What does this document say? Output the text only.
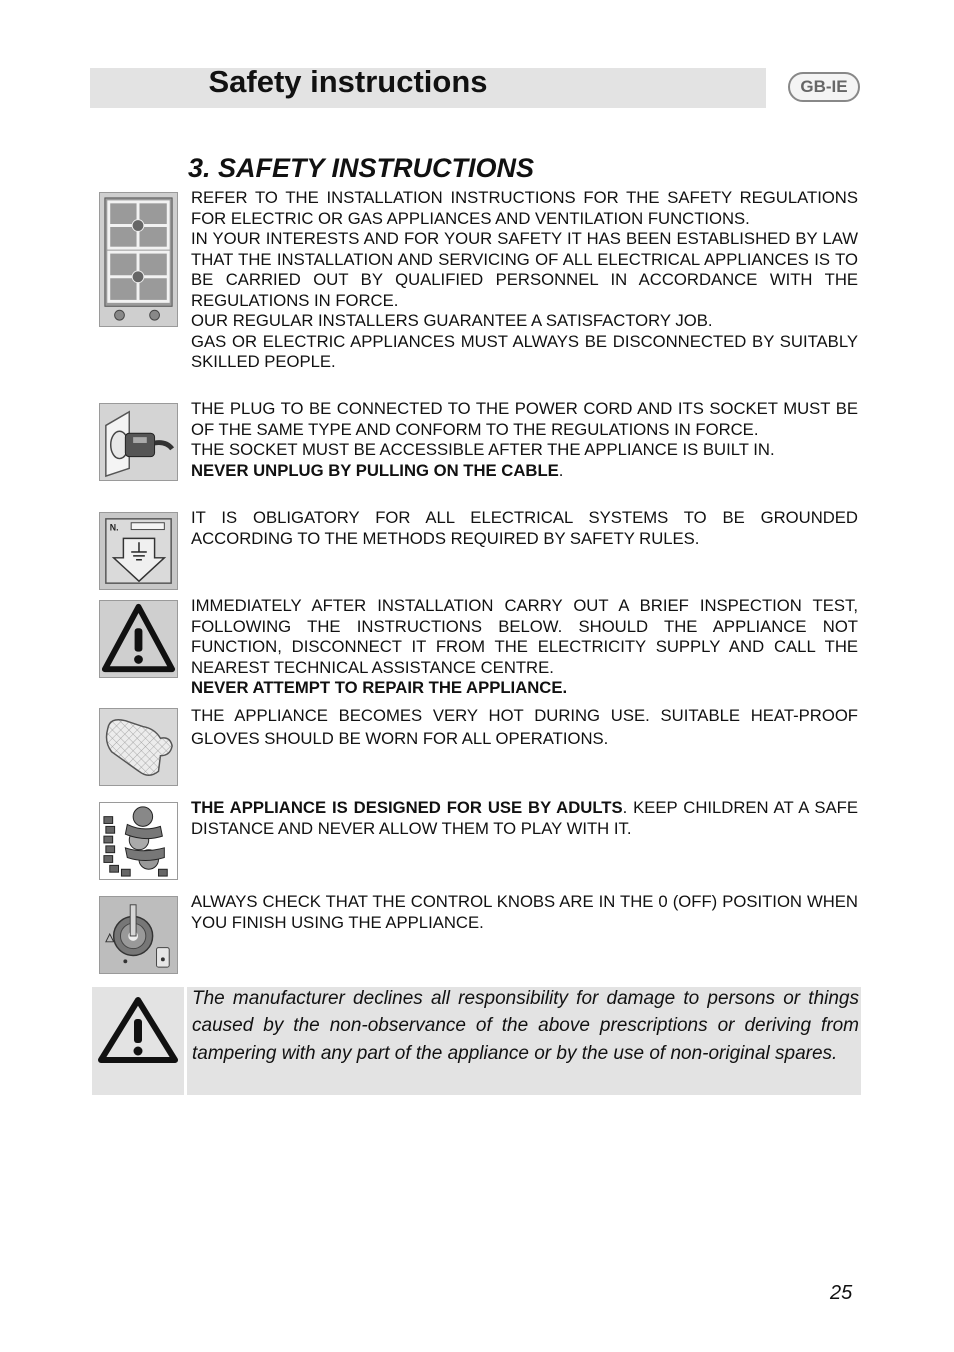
Safety instructions	GB-IE
3. SAFETY INSTRUCTIONS

REFER TO THE INSTALLATION INSTRUCTIONS FOR THE SAFETY REGULATIONS FOR ELECTRIC OR GAS APPLIANCES AND VENTILATION FUNCTIONS.

IN YOUR INTERESTS AND FOR YOUR SAFETY IT HAS BEEN ESTABLISHED BY LAW THAT THE INSTALLATION AND SERVICING OF ALL ELECTRICAL APPLIANCES IS TO BE CARRIED OUT BY QUALIFIED PERSONNEL IN ACCORDANCE WITH THE REGULATIONS IN FORCE.

OUR REGULAR INSTALLERS GUARANTEE A SATISFACTORY JOB.

GAS OR ELECTRIC APPLIANCES MUST ALWAYS BE DISCONNECTED BY SUITABLY SKILLED PEOPLE.

THE PLUG TO BE CONNECTED TO THE POWER CORD AND ITS SOCKET MUST BE OF THE SAME TYPE AND CONFORM TO THE REGULATIONS IN FORCE.

THE SOCKET MUST BE ACCESSIBLE AFTER THE APPLIANCE IS BUILT IN.

NEVER UNPLUG BY PULLING ON THE CABLE.

N.

IT IS OBLIGATORY FOR ALL ELECTRICAL SYSTEMS TO BE GROUNDED ACCORDING TO THE METHODS REQUIRED BY SAFETY RULES.

IMMEDIATELY AFTER INSTALLATION CARRY OUT A BRIEF INSPECTION TEST, FOLLOWING THE INSTRUCTIONS BELOW. SHOULD THE APPLIANCE NOT FUNCTION, DISCONNECT IT FROM THE ELECTRICITY SUPPLY AND CALL THE NEAREST TECHNICAL ASSISTANCE CENTRE.

NEVER ATTEMPT TO REPAIR THE APPLIANCE.

THE APPLIANCE BECOMES VERY HOT DURING USE. SUITABLE HEAT-PROOF GLOVES SHOULD BE WORN FOR ALL OPERATIONS.

THE APPLIANCE IS DESIGNED FOR USE BY ADULTS. KEEP CHILDREN AT A SAFE DISTANCE AND NEVER ALLOW THEM TO PLAY WITH IT.

ALWAYS CHECK THAT THE CONTROL KNOBS ARE IN THE 0 (OFF) POSITION WHEN YOU FINISH USING THE APPLIANCE.

The manufacturer declines all responsibility for damage to persons or things caused by the non-observance of the above prescriptions or deriving from tampering with any part of the appliance or by the use of non-original spares.
25
